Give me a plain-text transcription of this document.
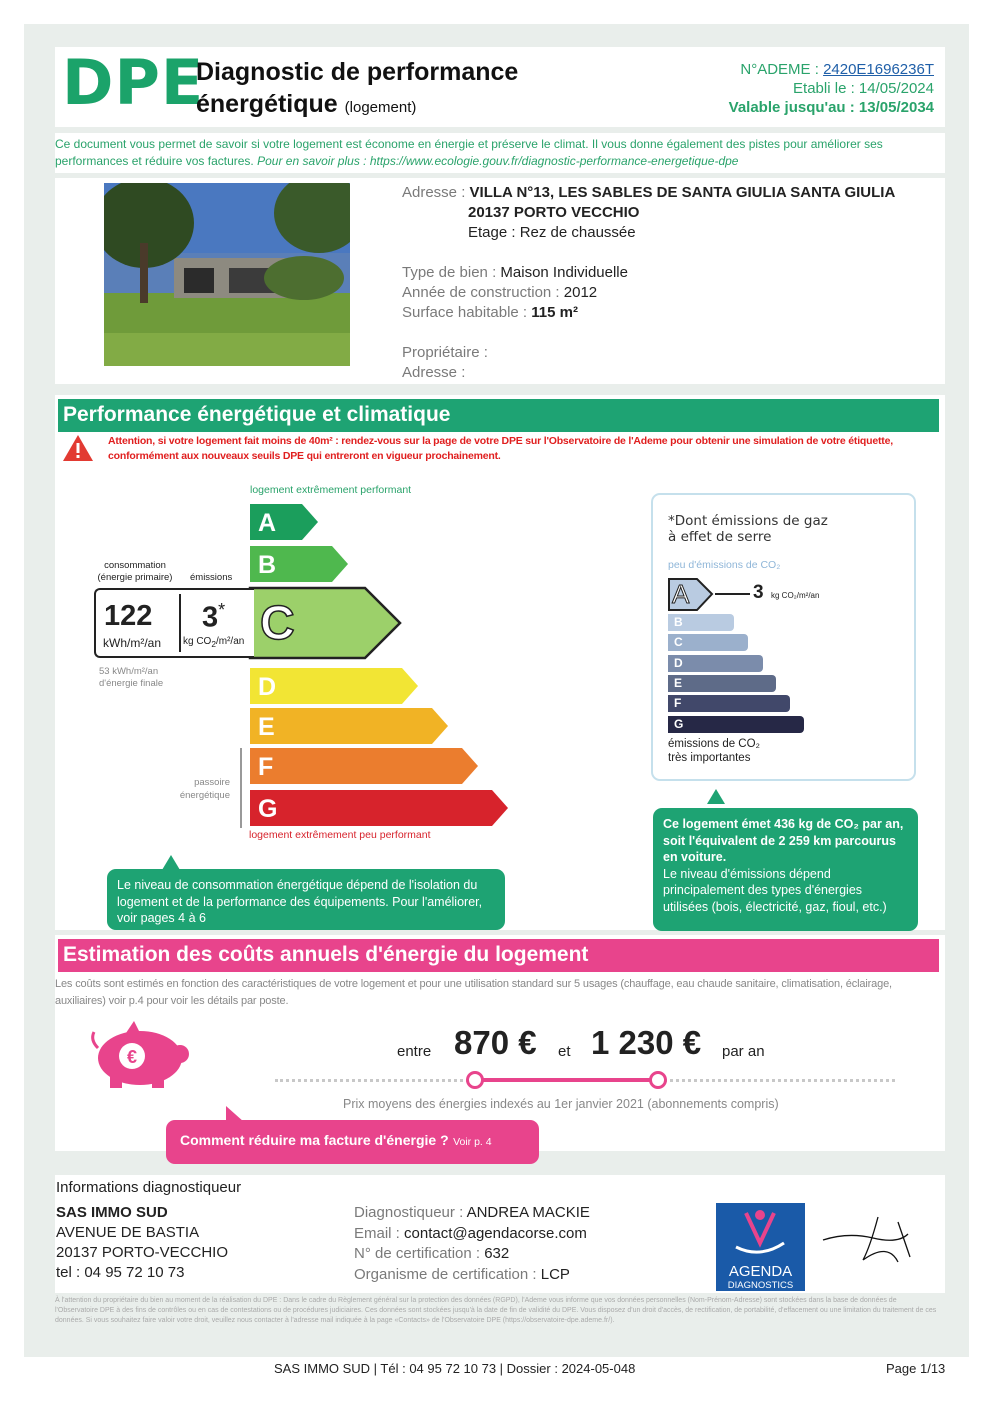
DPE
Diagnostic de performance
énergétique (logement)
N°ADEME : 2420E1696236T
Etabli le : 14/05/2024
Valable jusqu'au : 13/05/2034
Ce document vous permet de savoir si votre logement est économe en énergie et préserve le climat. Il vous donne également des pistes pour améliorer ses performances et réduire vos factures. Pour en savoir plus : https://www.ecologie.gouv.fr/diagnostic-performance-energetique-dpe
Adresse : VILLA N°13, LES SABLES DE SANTA GIULIA SANTA GIULIA
20137 PORTO VECCHIO
Etage : Rez de chaussée
Type de bien : Maison Individuelle
Année de construction : 2012
Surface habitable : 115 m²
Propriétaire :
Adresse :
Performance énergétique et climatique
Attention, si votre logement fait moins de 40m² : rendez-vous sur la page de votre DPE sur l'Observatoire de l'Ademe pour obtenir une simulation de votre étiquette, conformément aux nouveaux seuils DPE qui entreront en vigueur prochainement.
logement extrêmement performant
A
B
C
D
E
F
G
logement extrêmement peu performant
consommation
(énergie primaire)	émissions
122
kWh/m²/an
3*
kg $CO_2/m^2/an$
53 kWh/m²/an
d'énergie finale
passoire
énergétique
*Dont émissions de gaz
à effet de serre
peu d'émissions de CO₂
A	3 kg CO₂/m²/an
B
C
D
E
F
G
émissions de CO₂
très importantes
Le niveau de consommation énergétique dépend de l'isolation du logement et de la performance des équipements. Pour l'améliorer, voir pages 4 à 6
Ce logement émet 436 kg de CO₂ par an, soit l'équivalent de 2 259 km parcourus en voiture.
Le niveau d'émissions dépend principalement des types d'énergies utilisées (bois, électricité, gaz, fioul, etc.)
Estimation des coûts annuels d'énergie du logement
Les coûts sont estimés en fonction des caractéristiques de votre logement et pour une utilisation standard sur 5 usages (chauffage, eau chaude sanitaire, climatisation, éclairage, auxiliaires) voir p.4 pour voir les détails par poste.
€	entre 870 € et 1 230 € par an
Prix moyens des énergies indexés au 1er janvier 2021 (abonnements compris)
Comment réduire ma facture d'énergie ? Voir p. 4
Informations diagnostiqueur
SAS IMMO SUD
AVENUE DE BASTIA
20137 PORTO-VECCHIO
tel : 04 95 72 10 73
Diagnostiqueur : ANDREA MACKIE
Email : contact@agendacorse.com
N° de certification : 632
Organisme de certification : LCP	AGENDA
DIAGNOSTICS
À l'attention du propriétaire du bien au moment de la réalisation du DPE : Dans le cadre du Règlement général sur la protection des données (RGPD), l'Ademe vous informe que vos données personnelles (Nom-Prénom-Adresse) sont stockées dans la base de données de l'Observatoire DPE à des fins de contrôles ou en cas de contestations ou de procédures judiciaires. Ces données sont stockées jusqu'à la date de fin de validité du DPE. Vous disposez d'un droit d'accès, de rectification, de portabilité, d'effacement ou une limitation du traitement de ces données. Si vous souhaitez faire valoir votre droit, veuillez nous contacter à l'adresse mail indiquée à la page «Contacts» de l'Observatoire DPE (https://observatoire-dpe.ademe.fr/).
SAS IMMO SUD | Tél : 04 95 72 10 73 | Dossier : 2024-05-048	Page 1/13
